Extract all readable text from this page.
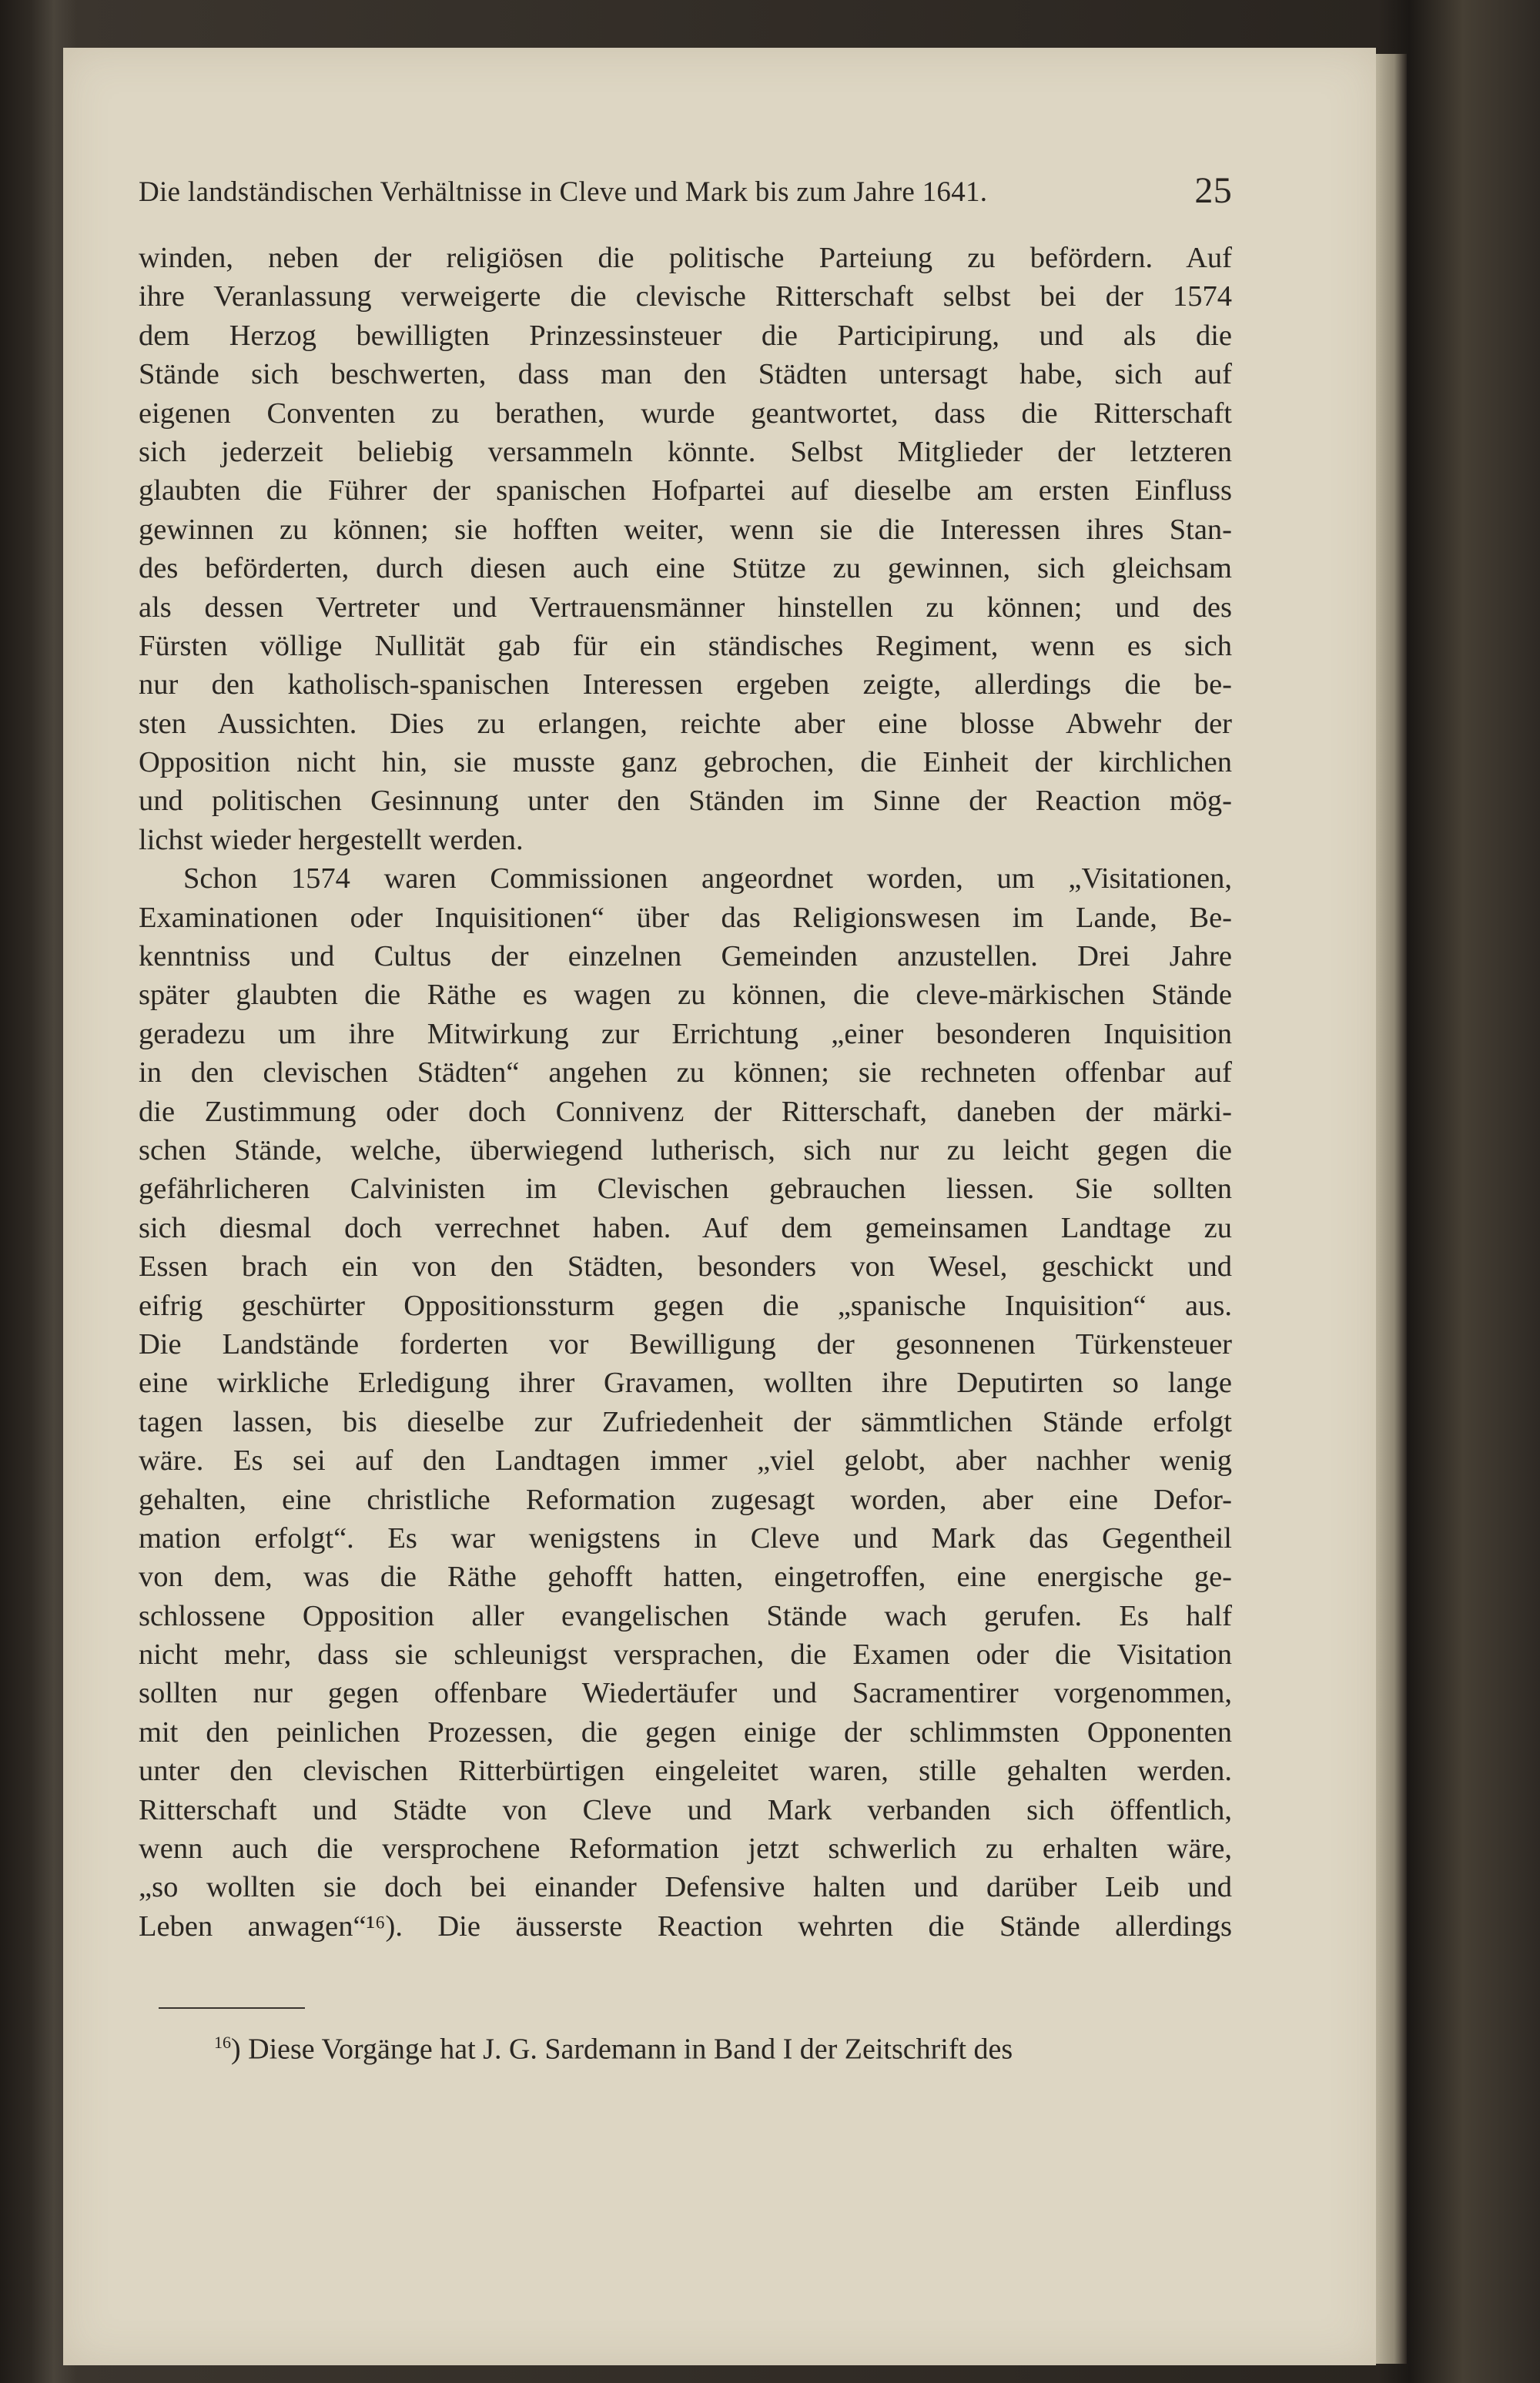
Die landständischen Verhältnisse in Cleve und Mark bis zum Jahre 1641.	25
winden, neben der religiösen die politische Parteiung zu befördern. Auf
ihre Veranlassung verweigerte die clevische Ritterschaft selbst bei der 1574
dem Herzog bewilligten Prinzessinsteuer die Participirung, und als die
Stände sich beschwerten, dass man den Städten untersagt habe, sich auf
eigenen Conventen zu berathen, wurde geantwortet, dass die Ritterschaft
sich jederzeit beliebig versammeln könnte. Selbst Mitglieder der letzteren
glaubten die Führer der spanischen Hofpartei auf dieselbe am ersten Einfluss
gewinnen zu können; sie hofften weiter, wenn sie die Interessen ihres Stan-
des beförderten, durch diesen auch eine Stütze zu gewinnen, sich gleichsam
als dessen Vertreter und Vertrauensmänner hinstellen zu können; und des
Fürsten völlige Nullität gab für ein ständisches Regiment, wenn es sich
nur den katholisch-spanischen Interessen ergeben zeigte, allerdings die be-
sten Aussichten. Dies zu erlangen, reichte aber eine blosse Abwehr der
Opposition nicht hin, sie musste ganz gebrochen, die Einheit der kirchlichen
und politischen Gesinnung unter den Ständen im Sinne der Reaction mög-
lichst wieder hergestellt werden.
Schon 1574 waren Commissionen angeordnet worden, um „Visitationen,
Examinationen oder Inquisitionen“ über das Religionswesen im Lande, Be-
kenntniss und Cultus der einzelnen Gemeinden anzustellen. Drei Jahre
später glaubten die Räthe es wagen zu können, die cleve-märkischen Stände
geradezu um ihre Mitwirkung zur Errichtung „einer besonderen Inquisition
in den clevischen Städten“ angehen zu können; sie rechneten offenbar auf
die Zustimmung oder doch Connivenz der Ritterschaft, daneben der märki-
schen Stände, welche, überwiegend lutherisch, sich nur zu leicht gegen die
gefährlicheren Calvinisten im Clevischen gebrauchen liessen. Sie sollten
sich diesmal doch verrechnet haben. Auf dem gemeinsamen Landtage zu
Essen brach ein von den Städten, besonders von Wesel, geschickt und
eifrig geschürter Oppositionssturm gegen die „spanische Inquisition“ aus.
Die Landstände forderten vor Bewilligung der gesonnenen Türkensteuer
eine wirkliche Erledigung ihrer Gravamen, wollten ihre Deputirten so lange
tagen lassen, bis dieselbe zur Zufriedenheit der sämmtlichen Stände erfolgt
wäre. Es sei auf den Landtagen immer „viel gelobt, aber nachher wenig
gehalten, eine christliche Reformation zugesagt worden, aber eine Defor-
mation erfolgt“. Es war wenigstens in Cleve und Mark das Gegentheil
von dem, was die Räthe gehofft hatten, eingetroffen, eine energische ge-
schlossene Opposition aller evangelischen Stände wach gerufen. Es half
nicht mehr, dass sie schleunigst versprachen, die Examen oder die Visitation
sollten nur gegen offenbare Wiedertäufer und Sacramentirer vorgenommen,
mit den peinlichen Prozessen, die gegen einige der schlimmsten Opponenten
unter den clevischen Ritterbürtigen eingeleitet waren, stille gehalten werden.
Ritterschaft und Städte von Cleve und Mark verbanden sich öffentlich,
wenn auch die versprochene Reformation jetzt schwerlich zu erhalten wäre,
„so wollten sie doch bei einander Defensive halten und darüber Leib und
Leben anwagen“¹⁶). Die äusserste Reaction wehrten die Stände allerdings
$^{16}$) Diese Vorgänge hat J. G. Sardemann in Band I der Zeitschrift des
